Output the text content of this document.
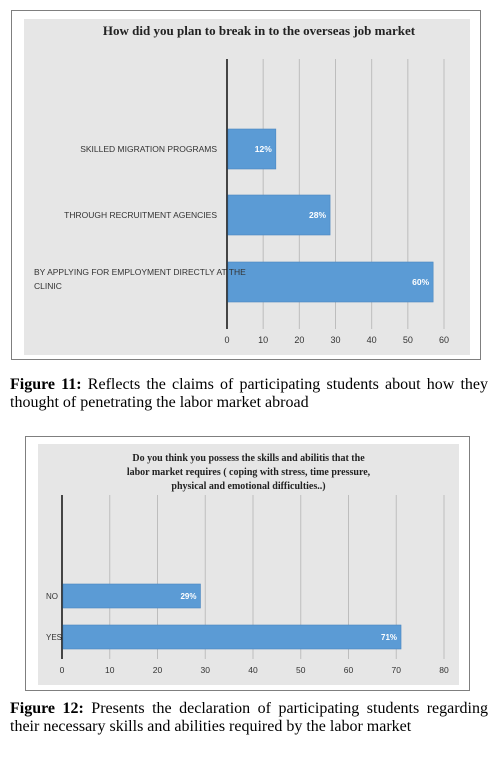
How did you plan to break in to the overseas job market
0	10	20	30	40	50	60
12%
SKILLED MIGRATION PROGRAMS
28%
THROUGH RECRUITMENT AGENCIES
60%
BY APPLYING FOR EMPLOYMENT DIRECTLY AT THE
CLINIC

Figure 11: Reflects the claims of participating students about how they thought of penetrating the labor market abroad

Do you think you possess the skills and abilitis that the
labor market requires ( coping with stress, time pressure,
physical and emotional difficulties..)
0	10	20	30	40	50	60	70	80
29%
NO
71%
YES

Figure 12: Presents the declaration of participating students regarding their necessary skills and abilities required by the labor market
